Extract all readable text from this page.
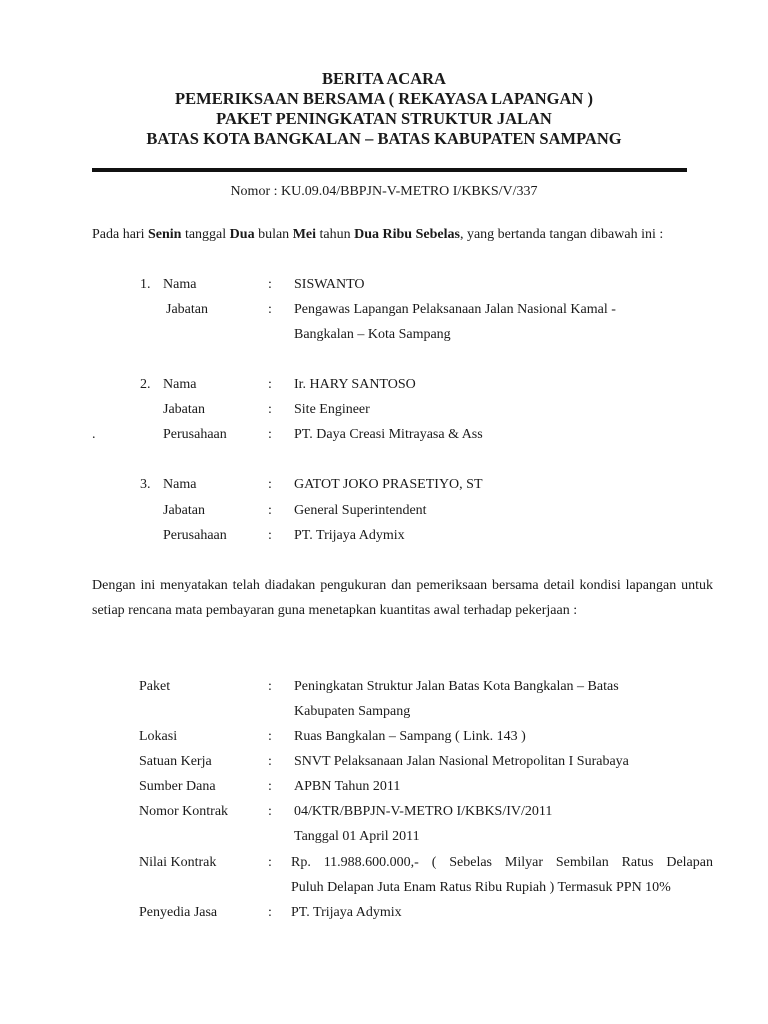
BERITA ACARA
PEMERIKSAAN BERSAMA ( REKAYASA LAPANGAN )
PAKET PENINGKATAN STRUKTUR JALAN
BATAS KOTA BANGKALAN – BATAS KABUPATEN SAMPANG
Nomor : KU.09.04/BBPJN-V-METRO I/KBKS/V/337
Pada hari Senin tanggal Dua bulan Mei tahun Dua Ribu Sebelas, yang bertanda tangan dibawah ini :
1. Nama	: SISWANTO
Jabatan	: Pengawas Lapangan Pelaksanaan Jalan Nasional Kamal -
Bangkalan – Kota Sampang
2. Nama	: Ir. HARY SANTOSO
Jabatan	: Site Engineer
.	Perusahaan	: PT. Daya Creasi Mitrayasa & Ass
3. Nama	: GATOT JOKO PRASETIYO, ST
Jabatan	: General Superintendent
Perusahaan	: PT. Trijaya Adymix
Dengan ini menyatakan telah diadakan pengukuran dan pemeriksaan bersama detail kondisi lapangan untuk setiap rencana mata pembayaran guna menetapkan kuantitas awal terhadap pekerjaan :
Paket	: Peningkatan Struktur Jalan Batas Kota Bangkalan – Batas
Kabupaten Sampang
Lokasi	: Ruas Bangkalan – Sampang ( Link. 143 )
Satuan Kerja	: SNVT Pelaksanaan Jalan Nasional Metropolitan I Surabaya
Sumber Dana	: APBN Tahun 2011
Nomor Kontrak	: 04/KTR/BBPJN-V-METRO I/KBKS/IV/2011
Tanggal 01 April 2011
Nilai Kontrak	: Rp. 11.988.600.000,- ( Sebelas Milyar Sembilan Ratus Delapan
Puluh Delapan Juta Enam Ratus Ribu Rupiah ) Termasuk PPN 10%
Penyedia Jasa	: PT. Trijaya Adymix
